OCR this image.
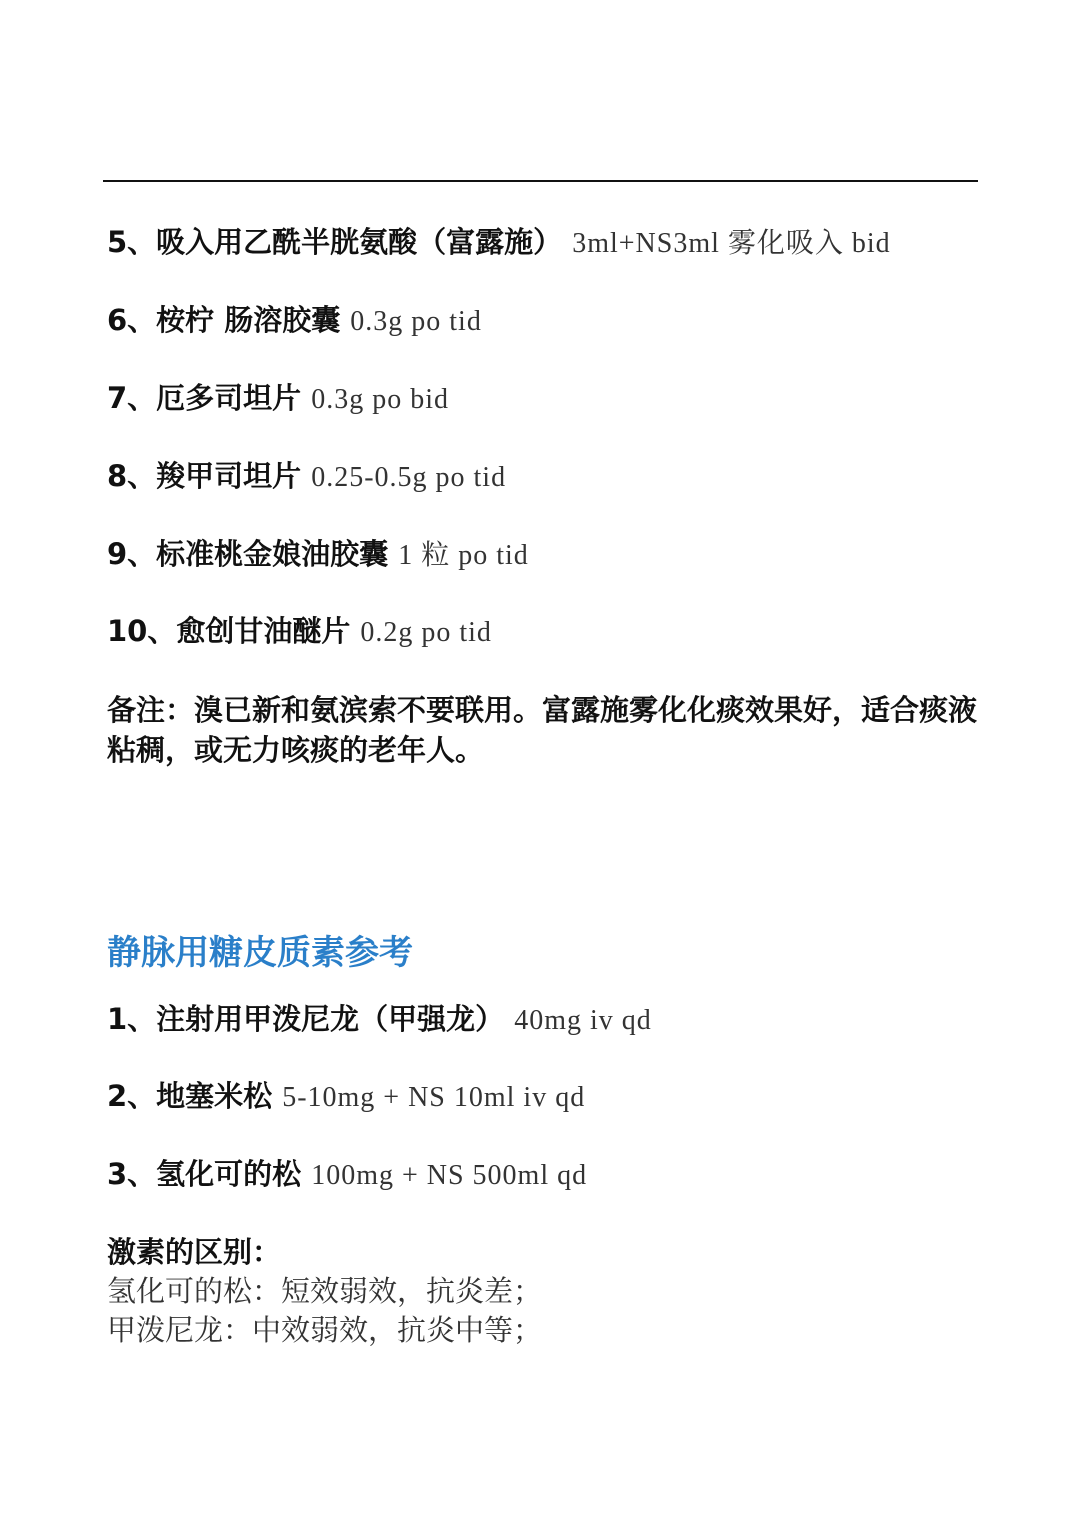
5、吸入用乙酰半胱氨酸（富露施） 3ml+NS3ml 雾化吸入 bid
6、桉柠 肠溶胶囊 0.3g po tid
7、厄多司坦片 0.3g po bid
8、羧甲司坦片 0.25-0.5g po tid
9、标准桃金娘油胶囊 1 粒 po tid
10、愈创甘油醚片 0.2g po tid
备注：溴已新和氨滨索不要联用。富露施雾化化痰效果好，适合痰液粘稠，或无力咳痰的老年人。
静脉用糖皮质素参考
1、注射用甲泼尼龙（甲强龙） 40mg iv qd
2、地塞米松 5-10mg + NS 10ml iv qd
3、氢化可的松 100mg + NS 500ml qd
激素的区别：
氢化可的松：短效弱效，抗炎差；
甲泼尼龙：中效弱效，抗炎中等；
